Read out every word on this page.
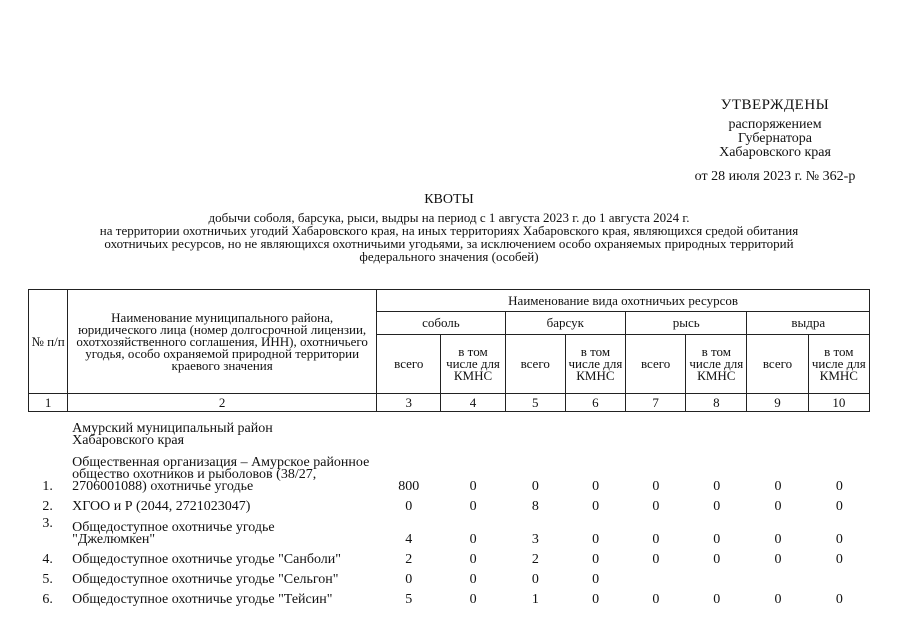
УТВЕРЖДЕНЫ
распоряжением
Губернатора
Хабаровского края
от 28 июля 2023 г. № 362-р
КВОТЫ
добычи соболя, барсука, рыси, выдры на период с 1 августа 2023 г. до 1 августа 2024 г.
на территории охотничьих угодий Хабаровского края, на иных территориях Хабаровского края, являющихся средой обитания
охотничьих ресурсов, но не являющихся охотничьими угодьями, за исключением особо охраняемых природных территорий
федерального значения (особей)
№ п/п	Наименование муниципального района, юридического лица (номер долгосрочной лицензии, охотхозяйственного соглашения, ИНН), охотничьего угодья, особо охраняемой природной территории краевого значения	Наименование вида охотничьих ресурсов							
		соболь		барсук		рысь		выдра	
		всего	в том числе для КМНС	всего	в том числе для КМНС	всего	в том числе для КМНС	всего	в том числе для КМНС
1	2	3	4	5	6	7	8	9	10
	Амурский муниципальный район Хабаровского края								
1.	Общественная организация – Амурское районное общество охотников и рыболовов (38/27, 2706001088) охотничье угодье	800	0	0	0	0	0	0	0
2.	ХГОО и Р (2044, 2721023047)	0	0	8	0	0	0	0	0
3.	Общедоступное охотничье угодье "Джелюмкен"	4	0	3	0	0	0	0	0
4.	Общедоступное охотничье угодье "Санболи"	2	0	2	0	0	0	0	0
5.	Общедоступное охотничье угодье "Сельгон"	0	0	0	0				
6.	Общедоступное охотничье угодье "Тейсин"	5	0	1	0	0	0	0	0
